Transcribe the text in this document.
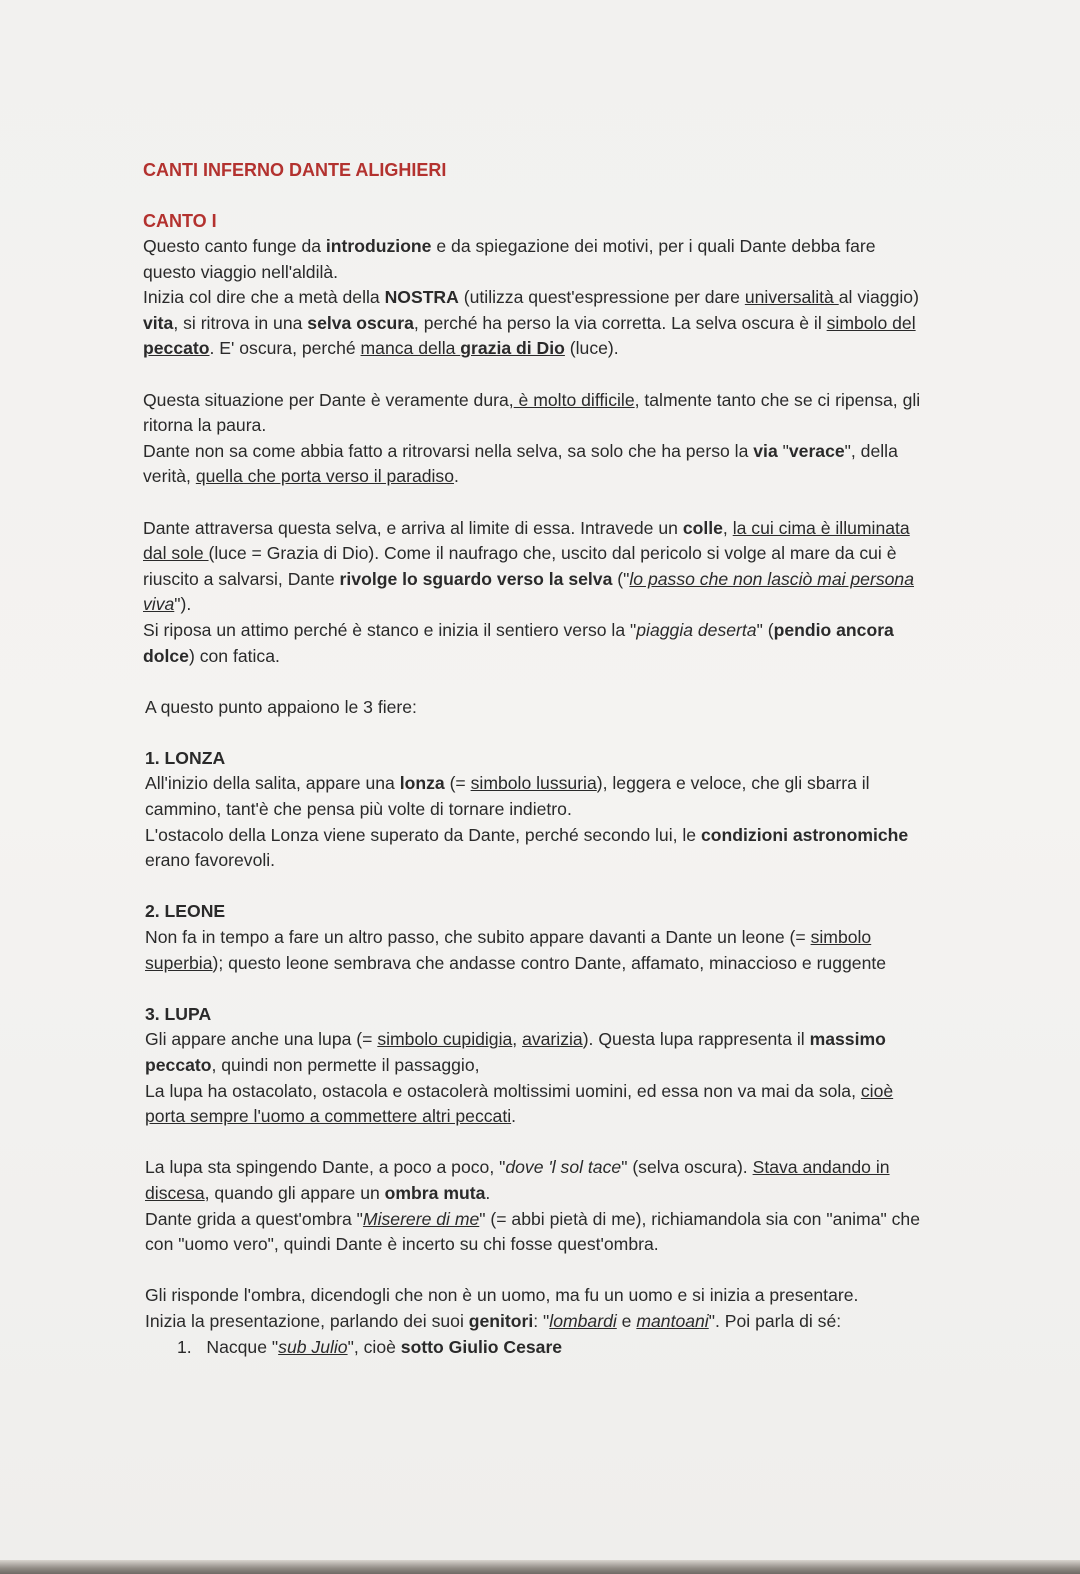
CANTI INFERNO DANTE ALIGHIERI
CANTO I

Questo canto funge da introduzione e da spiegazione dei motivi, per i quali Dante debba fare questo viaggio nell'aldilà.

Inizia col dire che a metà della NOSTRA (utilizza quest'espressione per dare universalità al viaggio) vita, si ritrova in una selva oscura, perché ha perso la via corretta. La selva oscura è il simbolo del peccato. E' oscura, perché manca della grazia di Dio (luce).

Questa situazione per Dante è veramente dura, è molto difficile, talmente tanto che se ci ripensa, gli ritorna la paura.

Dante non sa come abbia fatto a ritrovarsi nella selva, sa solo che ha perso la via "verace", della verità, quella che porta verso il paradiso.

Dante attraversa questa selva, e arriva al limite di essa. Intravede un colle, la cui cima è illuminata dal sole (luce = Grazia di Dio). Come il naufrago che, uscito dal pericolo si volge al mare da cui è riuscito a salvarsi, Dante rivolge lo sguardo verso la selva ("lo passo che non lasciò mai persona viva").

Si riposa un attimo perché è stanco e inizia il sentiero verso la "piaggia deserta" (pendio ancora dolce) con fatica.

A questo punto appaiono le 3 fiere:

1. LONZA

All'inizio della salita, appare una lonza (= simbolo lussuria), leggera e veloce, che gli sbarra il cammino, tant'è che pensa più volte di tornare indietro.

L'ostacolo della Lonza viene superato da Dante, perché secondo lui, le condizioni astronomiche erano favorevoli.

2. LEONE

Non fa in tempo a fare un altro passo, che subito appare davanti a Dante un leone (= simbolo superbia); questo leone sembrava che andasse contro Dante, affamato, minaccioso e ruggente

3. LUPA

Gli appare anche una lupa (= simbolo cupidigia, avarizia). Questa lupa rappresenta il massimo peccato, quindi non permette il passaggio,

La lupa ha ostacolato, ostacola e ostacolerà moltissimi uomini, ed essa non va mai da sola, cioè porta sempre l'uomo a commettere altri peccati.

La lupa sta spingendo Dante, a poco a poco, "dove 'l sol tace" (selva oscura). Stava andando in discesa, quando gli appare un ombra muta.

Dante grida a quest'ombra "Miserere di me" (= abbi pietà di me), richiamandola sia con "anima" che con "uomo vero", quindi Dante è incerto su chi fosse quest'ombra.

Gli risponde l'ombra, dicendogli che non è un uomo, ma fu un uomo e si inizia a presentare.

Inizia la presentazione, parlando dei suoi genitori: "lombardi e mantoani". Poi parla di sé:

1. Nacque "sub Julio", cioè sotto Giulio Cesare
